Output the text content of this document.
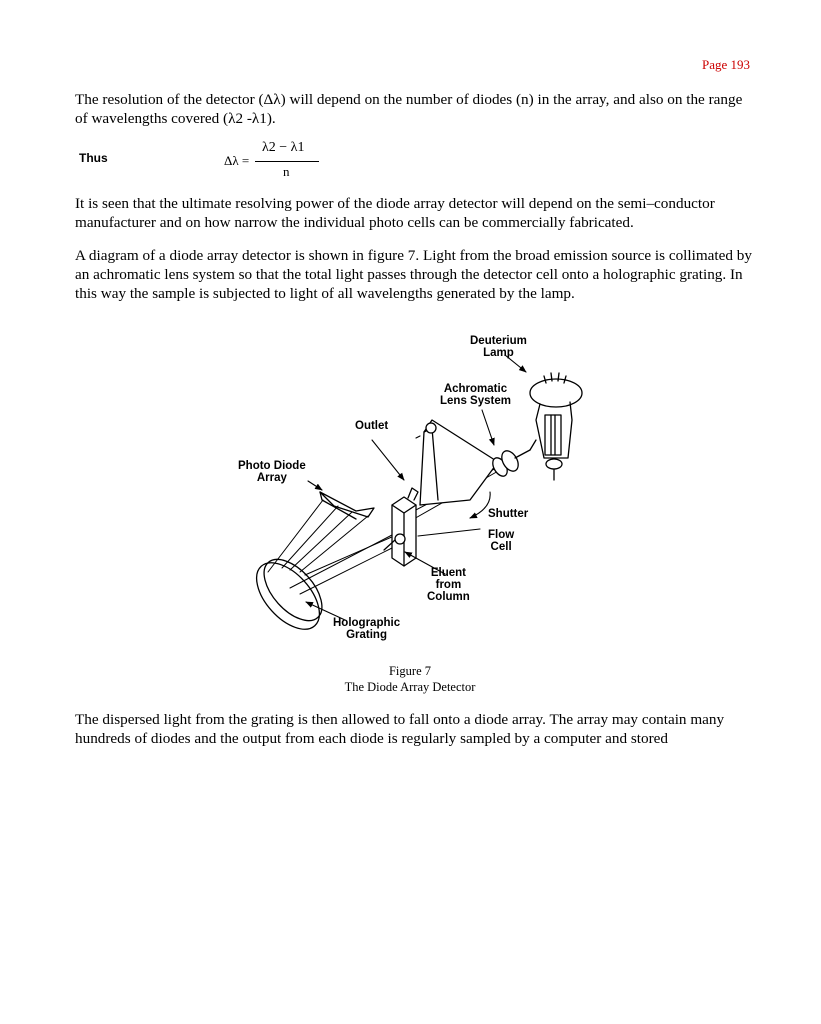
Page 193

The resolution of the detector (Δλ) will depend on the number of diodes (n) in the array, and also on the range of wavelengths covered (λ2 -λ1).

Thus	Δλ =
λ2 − λ1
n

It is seen that the ultimate resolving power of the diode array detector will depend on the semi–conductor manufacturer and on how narrow the individual photo cells can be commercially fabricated.

A diagram of a diode array detector is shown in figure 7. Light from the broad emission source is collimated by an achromatic lens system so that the total light passes through the detector cell onto a holographic grating. In this way the sample is subjected to light of all wavelengths generated by the lamp.

Deuterium
Lamp
Achromatic
Lens System
Outlet
Photo Diode
Array
Shutter
Flow
Cell
Eluent
from
Column
Holographic
Grating
Figure 7
The Diode Array Detector

The dispersed light from the grating is then allowed to fall onto a diode array. The array may contain many hundreds of diodes and the output from each diode is regularly sampled by a computer and stored
